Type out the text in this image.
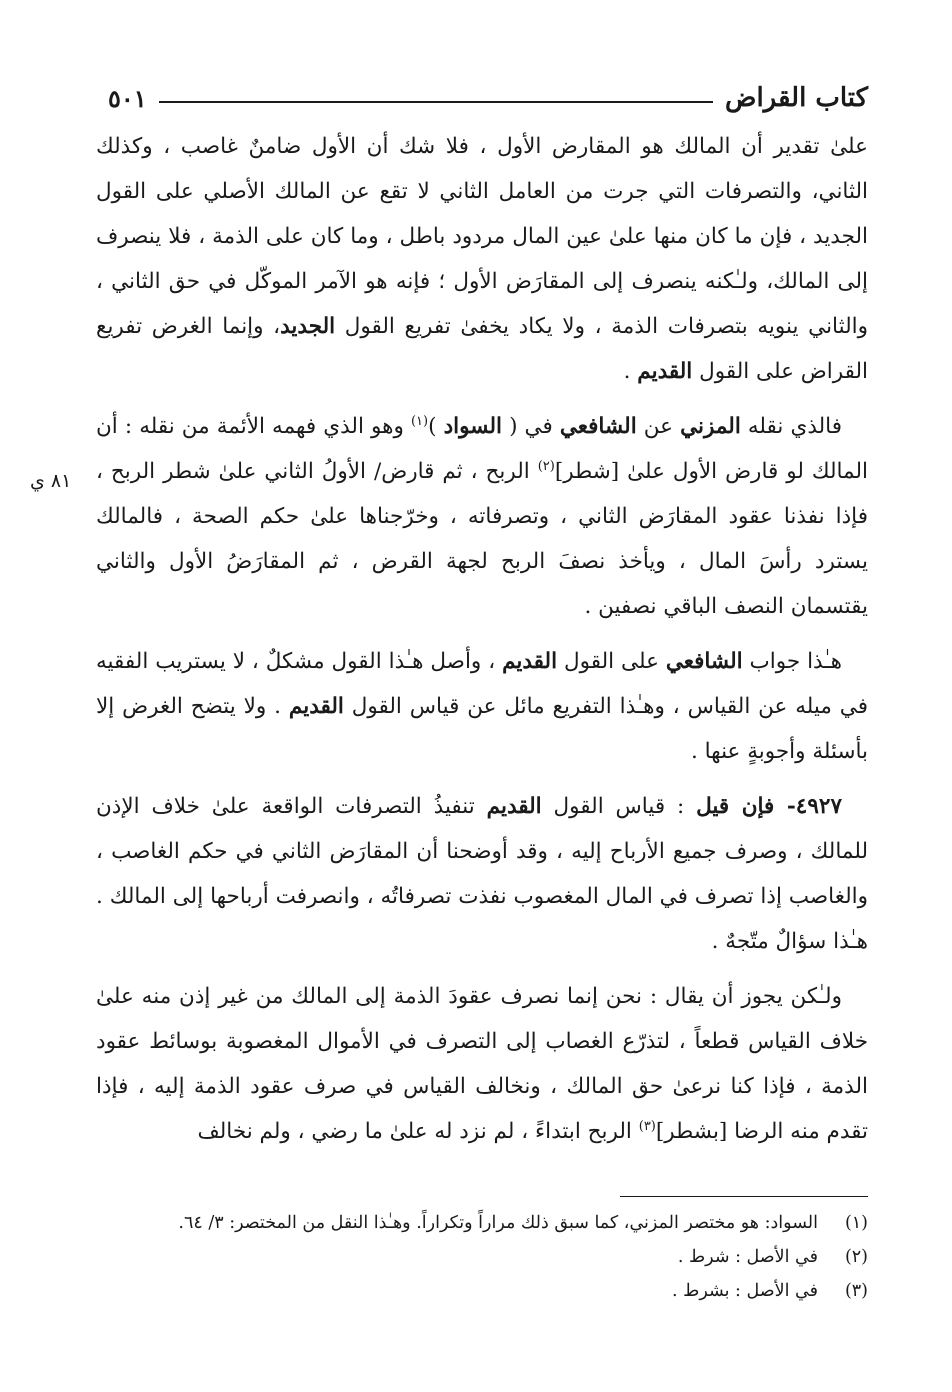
كتاب القراض
٥٠١
٨١ ي

علىٰ تقدير أن المالك هو المقارض الأول ، فلا شك أن الأول ضامنٌ غاصب ، وكذلك الثاني، والتصرفات التي جرت من العامل الثاني لا تقع عن المالك الأصلي على القول الجديد ، فإن ما كان منها علىٰ عين المال مردود باطل ، وما كان على الذمة ، فلا ينصرف إلى المالك، ولـٰكنه ينصرف إلى المقارَض الأول ؛ فإنه هو الآمر الموكّل في حق الثاني ، والثاني ينويه بتصرفات الذمة ، ولا يكاد يخفىٰ تفريع القول الجديد، وإنما الغرض تفريع القراض على القول القديم .

فالذي نقله المزني عن الشافعي في ( السواد )$^{(١)}$ وهو الذي فهمه الأئمة من نقله : أن المالك لو قارض الأول علىٰ [شطر]$^{(٢)}$ الربح ، ثم قارض/ الأولُ الثاني علىٰ شطر الربح ، فإذا نفذنا عقود المقارَض الثاني ، وتصرفاته ، وخرّجناها علىٰ حكم الصحة ، فالمالك يسترد رأسَ المال ، ويأخذ نصفَ الربح لجهة القرض ، ثم المقارَضُ الأول والثاني يقتسمان النصف الباقي نصفين .

هـٰذا جواب الشافعي على القول القديم ، وأصل هـٰذا القول مشكلٌ ، لا يستريب الفقيه في ميله عن القياس ، وهـٰذا التفريع مائل عن قياس القول القديم . ولا يتضح الغرض إلا بأسئلة وأجوبةٍ عنها .

٤٩٢٧- فإن قيل : قياس القول القديم تنفيذُ التصرفات الواقعة علىٰ خلاف الإذن للمالك ، وصرف جميع الأرباح إليه ، وقد أوضحنا أن المقارَض الثاني في حكم الغاصب ، والغاصب إذا تصرف في المال المغصوب نفذت تصرفاتُه ، وانصرفت أرباحها إلى المالك . هـٰذا سؤالٌ متّجهٌ .

ولـٰكن يجوز أن يقال : نحن إنما نصرف عقودَ الذمة إلى المالك من غير إذن منه علىٰ خلاف القياس قطعاً ، لتذرّع الغصاب إلى التصرف في الأموال المغصوبة بوسائط عقود الذمة ، فإذا كنا نرعىٰ حق المالك ، ونخالف القياس في صرف عقود الذمة إليه ، فإذا تقدم منه الرضا [بشطر]$^{(٣)}$ الربح ابتداءً ، لم نزد له علىٰ ما رضي ، ولم نخالف

(١)
السواد: هو مختصر المزني، كما سبق ذلك مراراً وتكراراً. وهـٰذا النقل من المختصر: ٣/ ٦٤.
(٢)
في الأصل : شرط .
(٣)
في الأصل : بشرط .
